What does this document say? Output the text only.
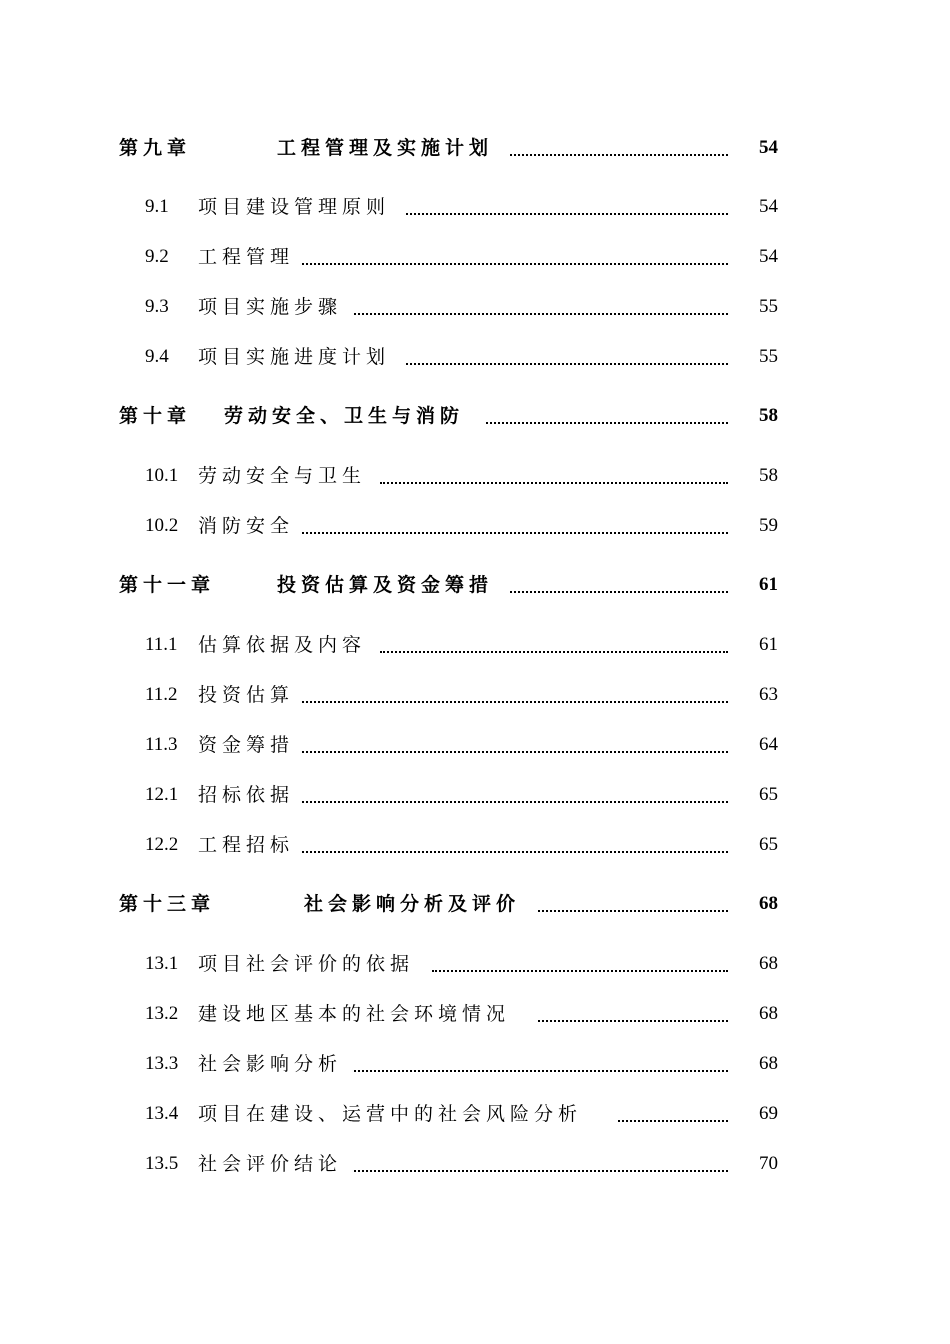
第九章	工程管理及实施计划	54
9.1 项目建设管理原则	54
9.2 工程管理	54
9.3 项目实施步骤	55
9.4 项目实施进度计划	55
第十章 劳动安全、卫生与消防	58
10.1 劳动安全与卫生	58
10.2 消防安全	59
第十一章	投资估算及资金筹措	61
11.1 估算依据及内容	61
11.2 投资估算	63
11.3 资金筹措	64
12.1 招标依据	65
12.2 工程招标	65
第十三章	社会影响分析及评价	68
13.1 项目社会评价的依据	68
13.2 建设地区基本的社会环境情况	68
13.3 社会影响分析	68
13.4 项目在建设、运营中的社会风险分析	69
13.5 社会评价结论	70
